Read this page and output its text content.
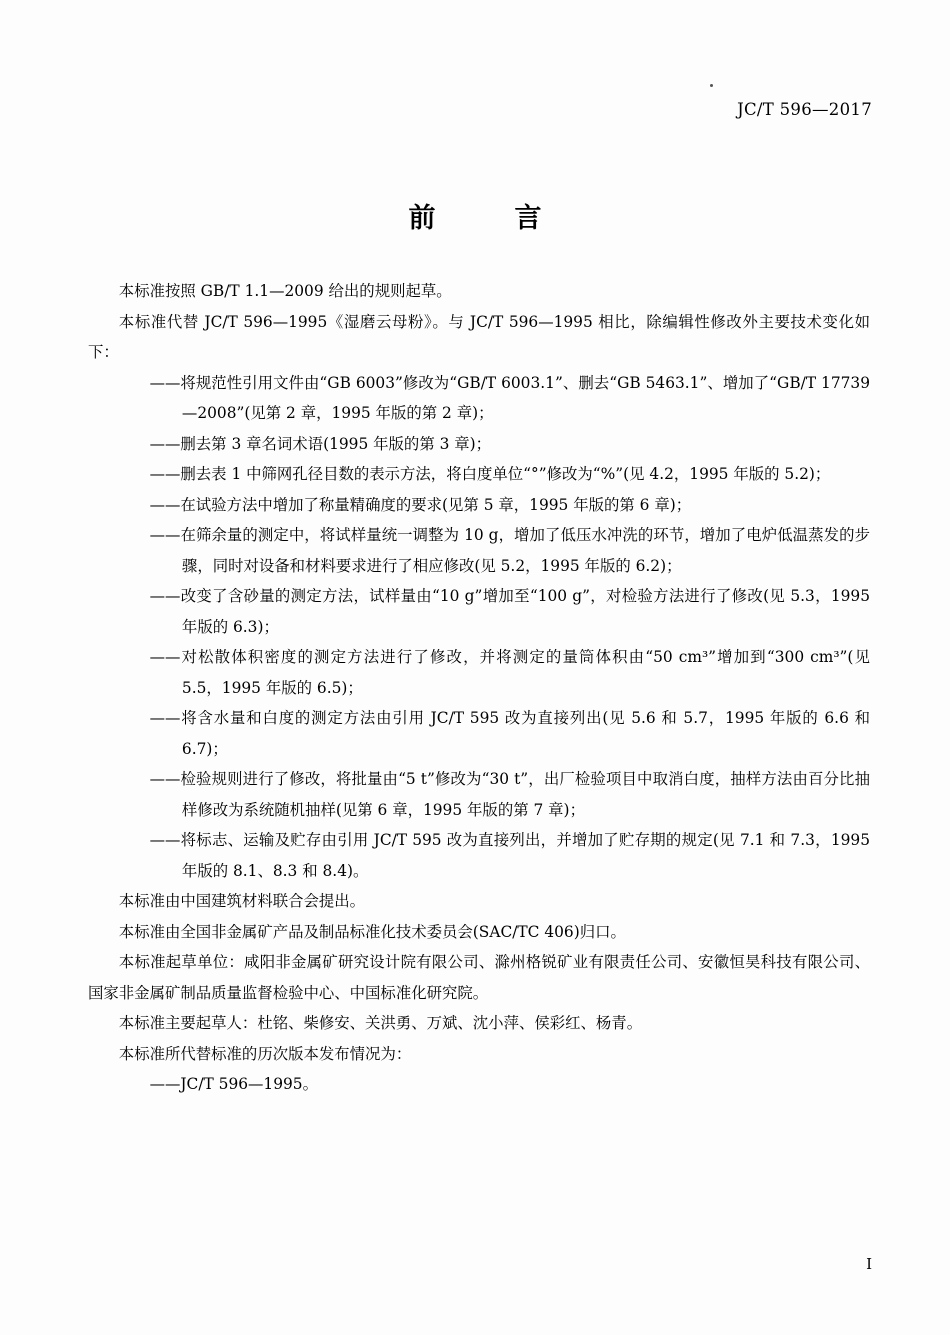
JC/T 596—2017
前　言

本标准按照 GB/T 1.1—2009 给出的规则起草。

本标准代替 JC/T 596—1995《湿磨云母粉》。与 JC/T 596—1995 相比，除编辑性修改外主要技术变化如下：

——将规范性引用文件由“GB 6003”修改为“GB/T 6003.1”、删去“GB 5463.1”、增加了“GB/T 17739—2008”(见第 2 章，1995 年版的第 2 章)；

——删去第 3 章名词术语(1995 年版的第 3 章)；

——删去表 1 中筛网孔径目数的表示方法，将白度单位“°”修改为“%”(见 4.2，1995 年版的 5.2)；

——在试验方法中增加了称量精确度的要求(见第 5 章，1995 年版的第 6 章)；

——在筛余量的测定中，将试样量统一调整为 10 g，增加了低压水冲洗的环节，增加了电炉低温蒸发的步骤，同时对设备和材料要求进行了相应修改(见 5.2，1995 年版的 6.2)；

——改变了含砂量的测定方法，试样量由“10 g”增加至“100 g”，对检验方法进行了修改(见 5.3，1995 年版的 6.3)；

——对松散体积密度的测定方法进行了修改，并将测定的量筒体积由“50 cm³”增加到“300 cm³”(见 5.5，1995 年版的 6.5)；

——将含水量和白度的测定方法由引用 JC/T 595 改为直接列出(见 5.6 和 5.7，1995 年版的 6.6 和 6.7)；

——检验规则进行了修改，将批量由“5 t”修改为“30 t”，出厂检验项目中取消白度，抽样方法由百分比抽样修改为系统随机抽样(见第 6 章，1995 年版的第 7 章)；

——将标志、运输及贮存由引用 JC/T 595 改为直接列出，并增加了贮存期的规定(见 7.1 和 7.3，1995 年版的 8.1、8.3 和 8.4)。

本标准由中国建筑材料联合会提出。

本标准由全国非金属矿产品及制品标准化技术委员会(SAC/TC 406)归口。

本标准起草单位：咸阳非金属矿研究设计院有限公司、滁州格锐矿业有限责任公司、安徽恒昊科技有限公司、国家非金属矿制品质量监督检验中心、中国标准化研究院。

本标准主要起草人：杜铭、柴修安、关洪勇、万斌、沈小萍、侯彩红、杨青。

本标准所代替标准的历次版本发布情况为：

——JC/T 596—1995。

I
